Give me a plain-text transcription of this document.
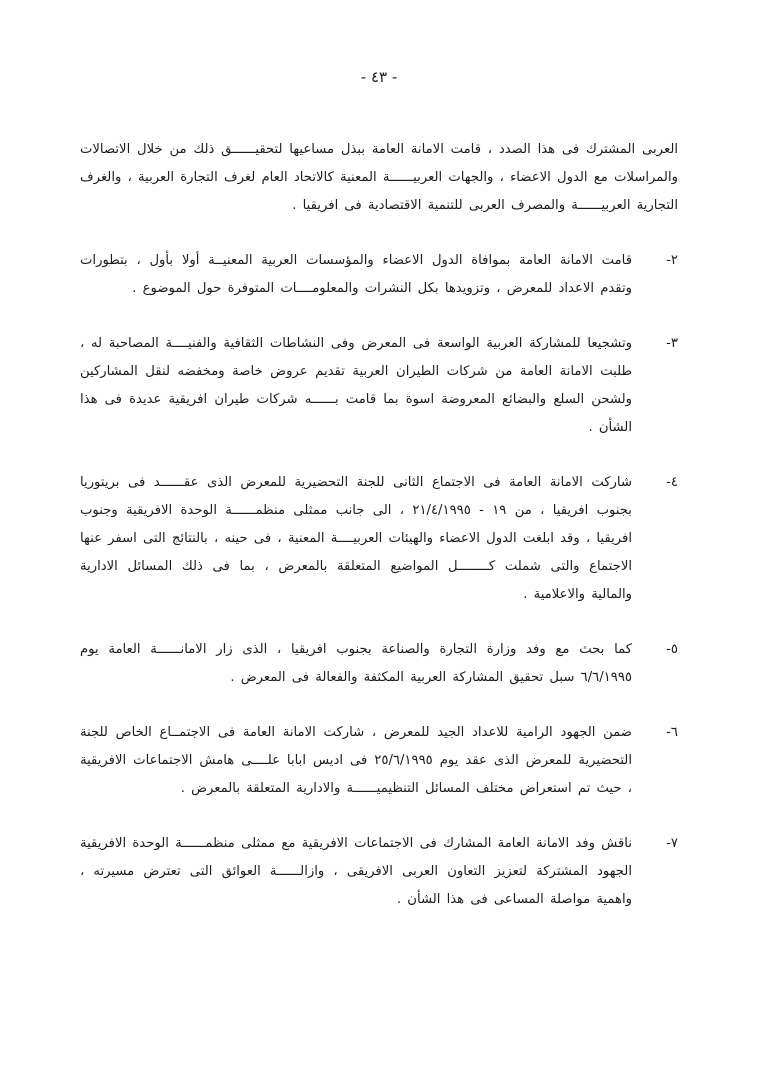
- ٤٣ -
العربى المشترك فى هذا الصدد ، قامت الامانة العامة ببذل مساعيها لتحقيــــــق ذلك من خلال الاتصالات والمراسلات مع الدول الاعضاء ، والجهات العربيــــــة المعنية كالاتحاد العام لغرف التجارة العربية ، والغرف التجارية العربيــــــة والمصرف العربى للتنمية الاقتصادية فى افريقيا .
٢-
قامت الامانة العامة بموافاة الدول الاعضاء والمؤسسات العربية المعنيــة أولا بأول ، بتطورات وتقدم الاعداد للمعرض ، وتزويدها بكل النشرات والمعلومــــات المتوفرة حول الموضوع .
٣-
وتشجيعا للمشاركة العربية الواسعة فى المعرض وفى النشاطات الثقافية والفنيــــة المصاحبة له ، طلبت الامانة العامة من شركات الطيران العربية تقديم عروض خاصة ومخفضه لنقل المشاركين ولشحن السلع والبضائع المعروضة اسوة بما قامت بــــــه شركات طيران افريقية عديدة فى هذا الشأن .
٤-
شاركت الامانة العامة فى الاجتماع الثانى للجنة التحضيرية للمعرض الذى عقــــــد فى بريتوريا بجنوب افريقيا ، من ١٩ - ٢١/٤/١٩٩٥ ، الى جانب ممثلى منظمــــــة الوحدة الافريقية وجنوب افريقيا ، وقد ابلغت الدول الاعضاء والهيئات العربيــــة المعنية ، فى حينه ، بالنتائج التى اسفر عنها الاجتماع والتى شملت كــــــــل المواضيع المتعلقة بالمعرض ، بما فى ذلك المسائل الادارية والمالية والاعلامية .
٥-
كما بحث مع وفد وزارة التجارة والصناعة بجنوب افريقيا ، الذى زار الامانــــــة العامة يوم ٦/٦/١٩٩٥ سبل تحقيق المشاركة العربية المكثفة والفعالة فى المعرض .
٦-
ضمن الجهود الرامية للاعداد الجيد للمعرض ، شاركت الامانة العامة فى الاجتمــاع الخاص للجنة التحضيرية للمعرض الذى عقد يوم ٢٥/٦/١٩٩٥ فى اديس ابابا علــــى هامش الاجتماعات الافريقية ، حيث تم استعراض مختلف المسائل التنظيميــــــة والادارية المتعلقة بالمعرض .
٧-
ناقش وفد الامانة العامة المشارك فى الاجتماعات الافريقية مع ممثلى منظمــــــة الوحدة الافريقية الجهود المشتركة لتعزيز التعاون العربى الافريقى ، وازالــــــة العوائق التى تعترض مسيرته ، واهمية مواصلة المساعى فى هذا الشأن .
